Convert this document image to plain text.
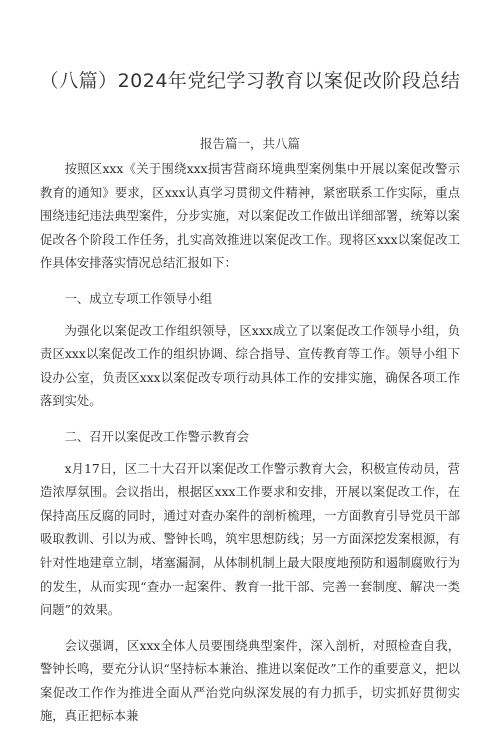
（八篇）2024年党纪学习教育以案促改阶段总结
报告篇一，共八篇

按照区xxx《关于围绕xxx损害营商环境典型案例集中开展以案促改警示教育的通知》要求，区xxx认真学习贯彻文件精神，紧密联系工作实际，重点围绕违纪违法典型案件，分步实施，对以案促改工作做出详细部署，统筹以案促改各个阶段工作任务，扎实高效推进以案促改工作。现将区xxx以案促改工作具体安排落实情况总结汇报如下：

一、成立专项工作领导小组

为强化以案促改工作组织领导，区xxx成立了以案促改工作领导小组，负责区xxx以案促改工作的组织协调、综合指导、宣传教育等工作。领导小组下设办公室，负责区xxx以案促改专项行动具体工作的安排实施，确保各项工作落到实处。

二、召开以案促改工作警示教育会

x月17日，区二十大召开以案促改工作警示教育大会，积极宣传动员，营造浓厚氛围。会议指出，根据区xxx工作要求和安排，开展以案促改工作，在保持高压反腐的同时，通过对查办案件的剖析梳理，一方面教育引导党员干部吸取教训、引以为戒、警钟长鸣，筑牢思想防线；另一方面深挖发案根源，有针对性地建章立制，堵塞漏洞，从体制机制上最大限度地预防和遏制腐败行为的发生，从而实现“查办一起案件、教育一批干部、完善一套制度、解决一类问题”的效果。

会议强调，区xxx全体人员要围绕典型案件，深入剖析，对照检查自我，警钟长鸣，要充分认识“坚持标本兼治、推进以案促改”工作的重要意义，把以案促改工作作为推进全面从严治党向纵深发展的有力抓手，切实抓好贯彻实施，真正把标本兼
